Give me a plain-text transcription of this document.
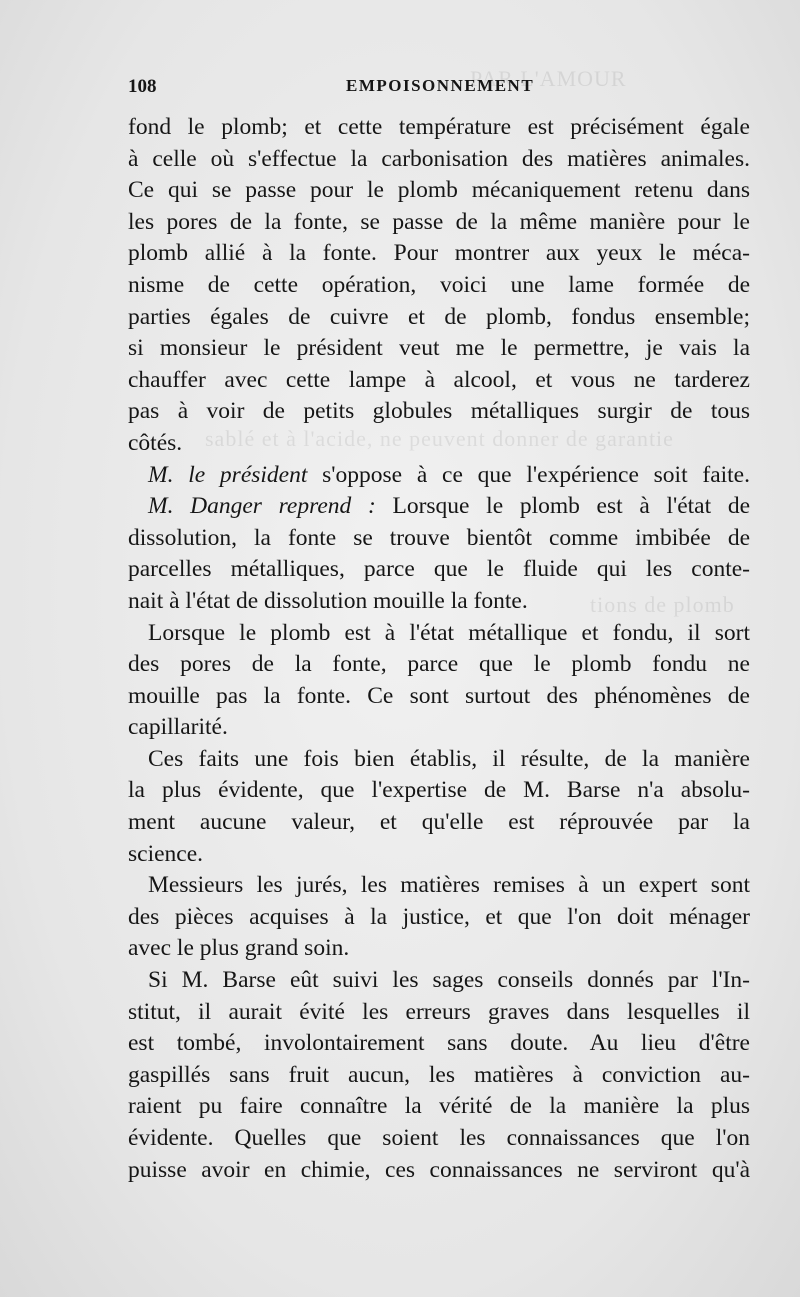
PAR L'AMOUR
sablé et à l'acide, ne peuvent donner de garantie
tions de plomb
108	EMPOISONNEMENT
fond le plomb; et cette température est précisément égale
à celle où s'effectue la carbonisation des matières animales.
Ce qui se passe pour le plomb mécaniquement retenu dans
les pores de la fonte, se passe de la même manière pour le
plomb allié à la fonte. Pour montrer aux yeux le méca-
nisme de cette opération, voici une lame formée de
parties égales de cuivre et de plomb, fondus ensemble;
si monsieur le président veut me le permettre, je vais la
chauffer avec cette lampe à alcool, et vous ne tarderez
pas à voir de petits globules métalliques surgir de tous
côtés.
M. le président s'oppose à ce que l'expérience soit faite.
M. Danger reprend : Lorsque le plomb est à l'état de
dissolution, la fonte se trouve bientôt comme imbibée de
parcelles métalliques, parce que le fluide qui les conte-
nait à l'état de dissolution mouille la fonte.
Lorsque le plomb est à l'état métallique et fondu, il sort
des pores de la fonte, parce que le plomb fondu ne
mouille pas la fonte. Ce sont surtout des phénomènes de
capillarité.
Ces faits une fois bien établis, il résulte, de la manière
la plus évidente, que l'expertise de M. Barse n'a absolu-
ment aucune valeur, et qu'elle est réprouvée par la
science.
Messieurs les jurés, les matières remises à un expert sont
des pièces acquises à la justice, et que l'on doit ménager
avec le plus grand soin.
Si M. Barse eût suivi les sages conseils donnés par l'In-
stitut, il aurait évité les erreurs graves dans lesquelles il
est tombé, involontairement sans doute. Au lieu d'être
gaspillés sans fruit aucun, les matières à conviction au-
raient pu faire connaître la vérité de la manière la plus
évidente. Quelles que soient les connaissances que l'on
puisse avoir en chimie, ces connaissances ne serviront qu'à
